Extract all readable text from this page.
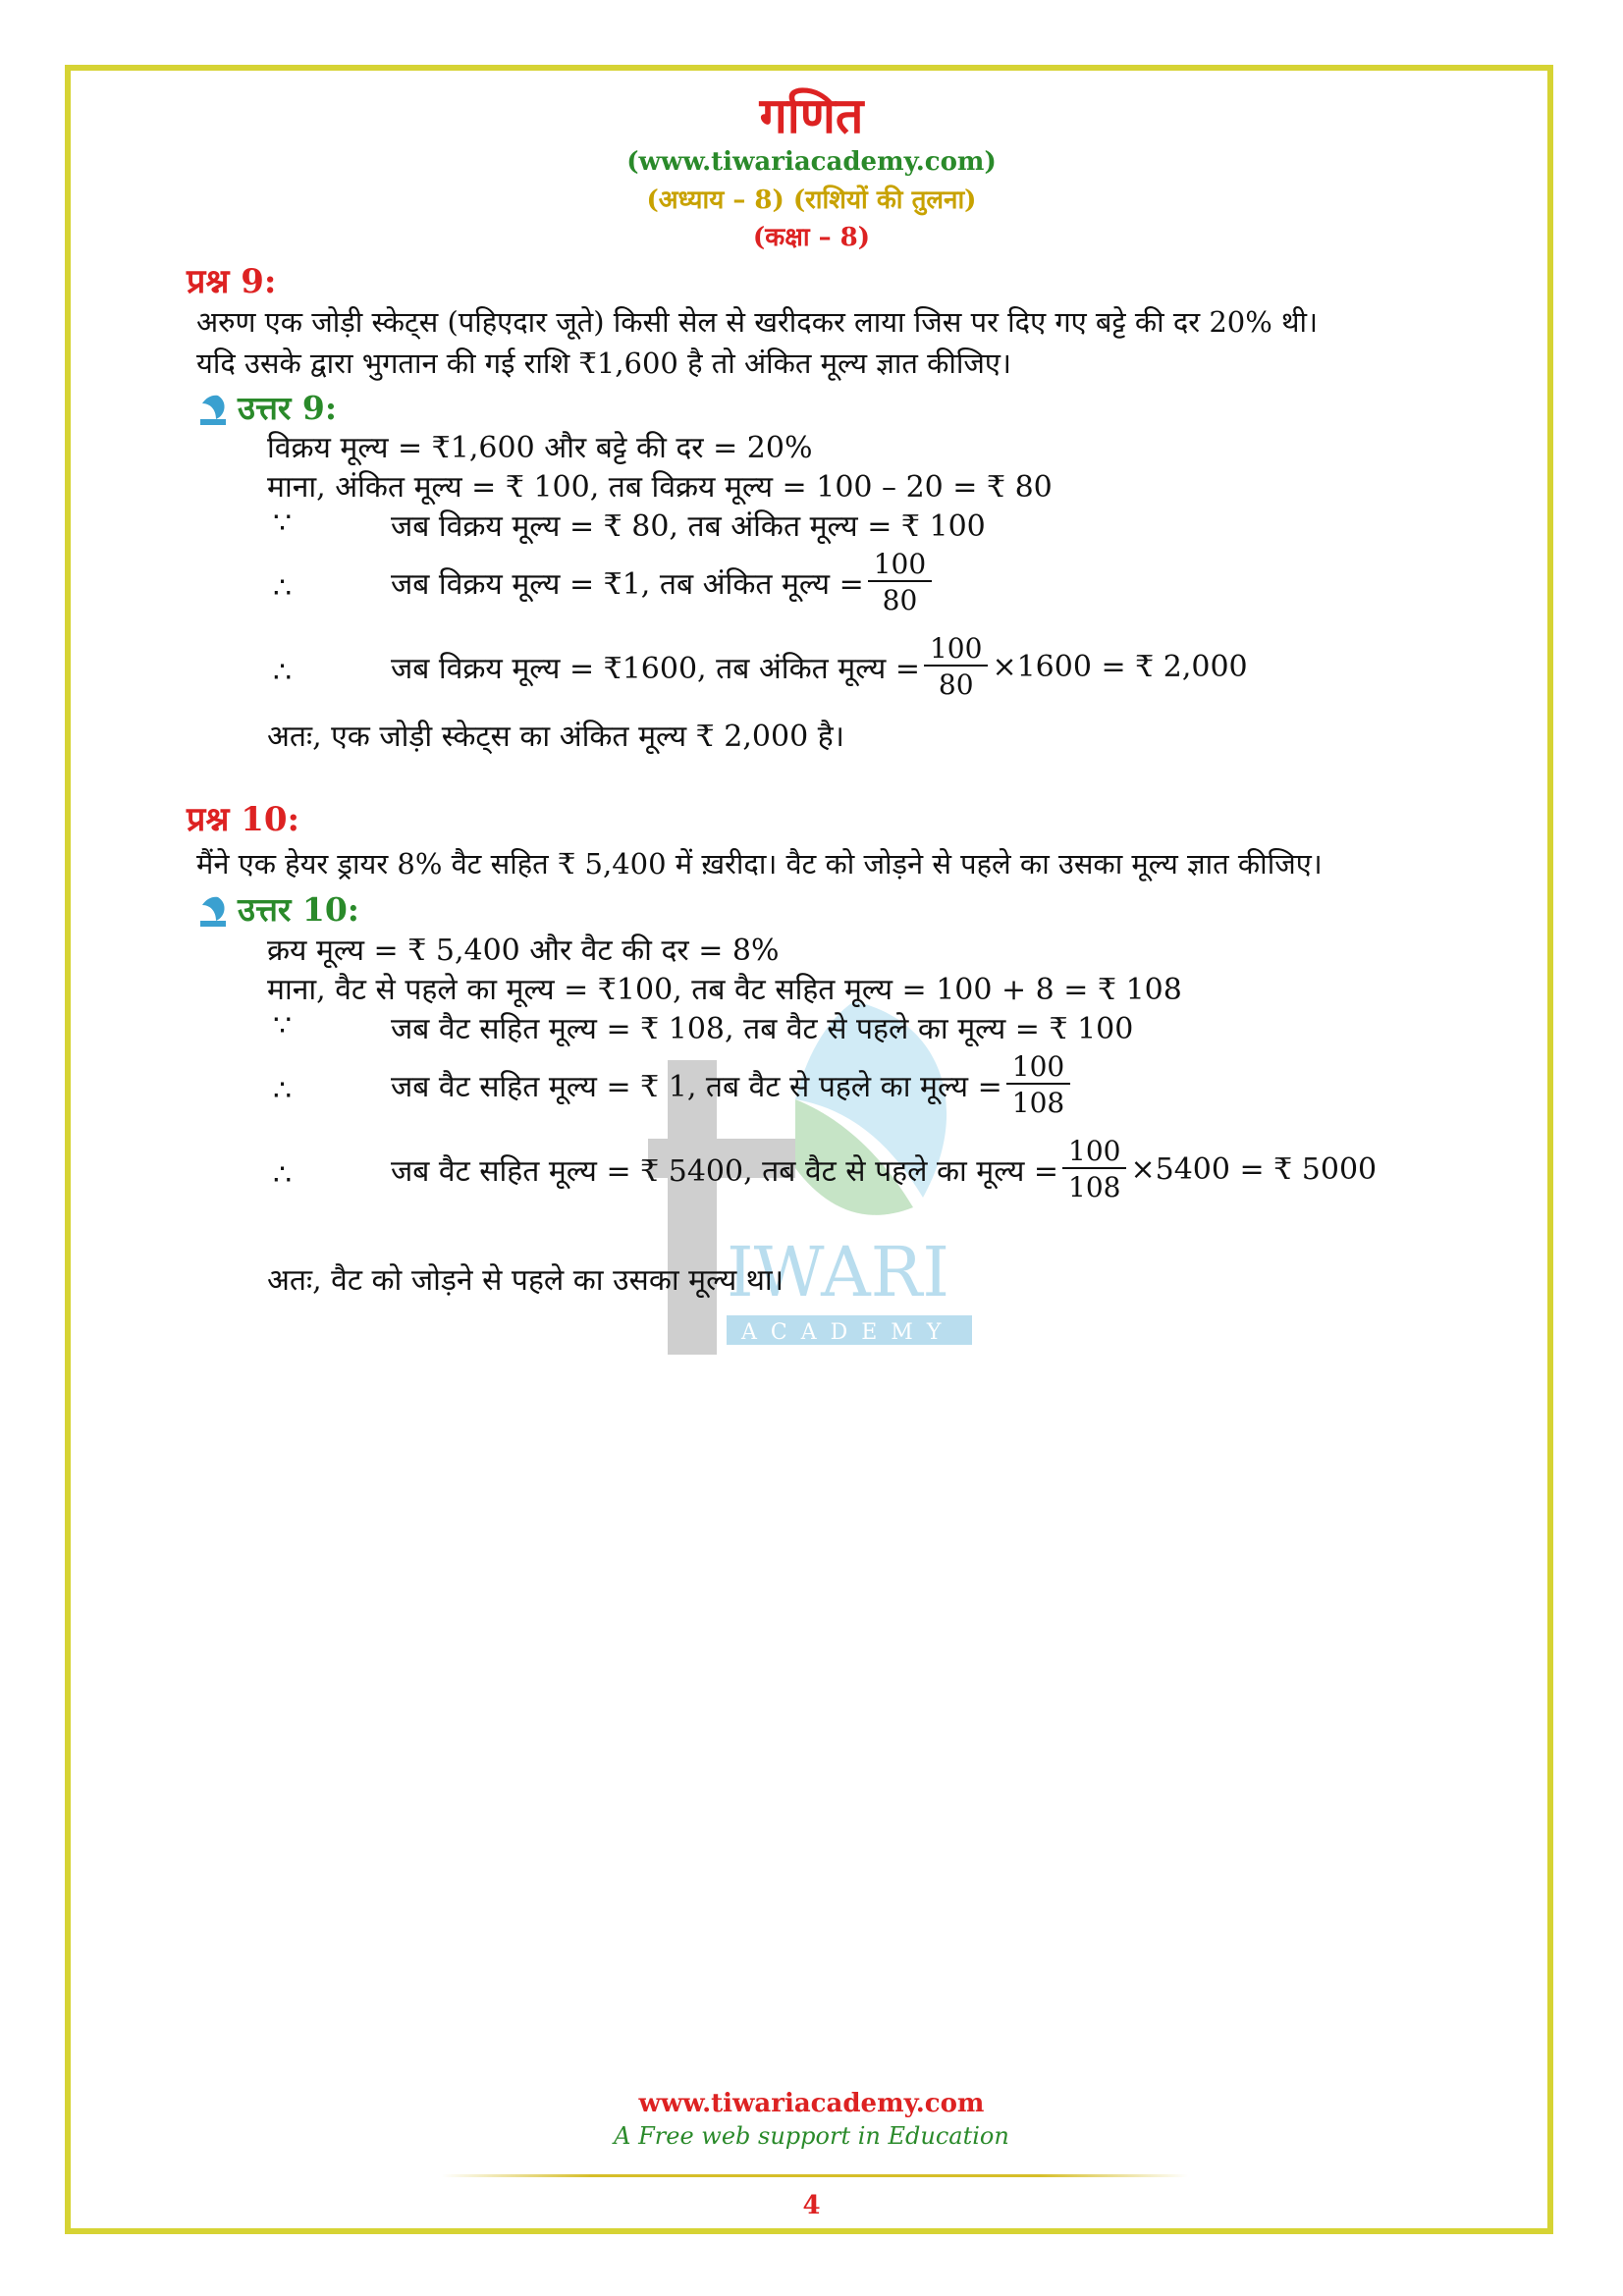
गणित
(www.tiwariacademy.com)
(अध्याय – 8) (राशियों की तुलना)
(कक्षा – 8)
IWARI
ACADEMY
प्रश्न 9:
अरुण एक जोड़ी स्केट्स (पहिएदार जूते) किसी सेल से खरीदकर लाया जिस पर दिए गए बट्टे की दर 20% थी।
यदि उसके द्वारा भुगतान की गई राशि ₹1,600 है तो अंकित मूल्य ज्ञात कीजिए।
उत्तर 9:
विक्रय मूल्य = ₹1,600 और बट्टे की दर = 20%
माना, अंकित मूल्य = ₹ 100, तब विक्रय मूल्य = 100 – 20 = ₹ 80
∵	जब विक्रय मूल्य = ₹ 80, तब अंकित मूल्य = ₹ 100
∴	जब विक्रय मूल्य = ₹1, तब अंकित मूल्य = $\frac{100}{80}$
∴	जब विक्रय मूल्य = ₹1600, तब अंकित मूल्य = $\frac{100}{80} \times 1600$ = ₹ 2,000
अतः, एक जोड़ी स्केट्स का अंकित मूल्य ₹ 2,000 है।
प्रश्न 10:
मैंने एक हेयर ड्रायर 8% वैट सहित ₹ 5,400 में ख़रीदा। वैट को जोड़ने से पहले का उसका मूल्य ज्ञात कीजिए।
उत्तर 10:
क्रय मूल्य = ₹ 5,400 और वैट की दर = 8%
माना, वैट से पहले का मूल्य = ₹100, तब वैट सहित मूल्य = 100 + 8 = ₹ 108
∵	जब वैट सहित मूल्य = ₹ 108, तब वैट से पहले का मूल्य = ₹ 100
∴	जब वैट सहित मूल्य = ₹ 1, तब वैट से पहले का मूल्य = $\frac{100}{108}$
∴	जब वैट सहित मूल्य = ₹ 5400, तब वैट से पहले का मूल्य = $\frac{100}{108} \times 5400$ = ₹ 5000
अतः, वैट को जोड़ने से पहले का उसका मूल्य था।
www.tiwariacademy.com
A Free web support in Education
4
